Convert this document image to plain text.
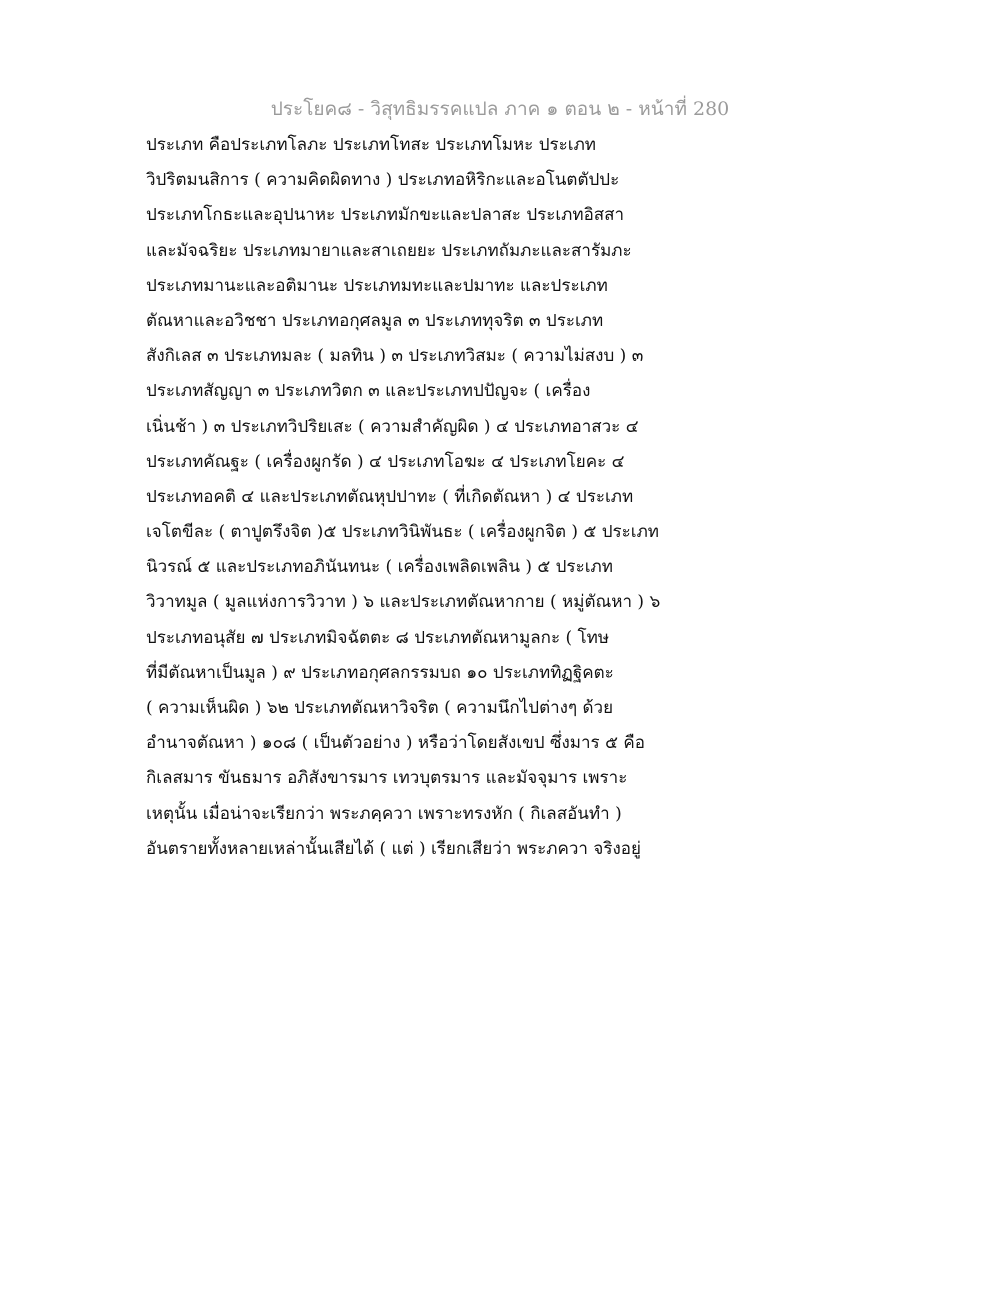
ประโยค๘ - วิสุทธิมรรคแปล ภาค ๑ ตอน ๒ - หน้าที่ 280
ประเภท คือประเภทโลภะ ประเภทโทสะ ประเภทโมหะ ประเภท
วิปริตมนสิการ ( ความคิดผิดทาง ) ประเภทอหิริกะและอโนตตัปปะ
ประเภทโกธะและอุปนาหะ ประเภทมักขะและปลาสะ ประเภทอิสสา
และมัจฉริยะ ประเภทมายาและสาเถยยะ ประเภทถัมภะและสารัมภะ
ประเภทมานะและอติมานะ ประเภทมทะและปมาทะ และประเภท
ตัณหาและอวิชชา ประเภทอกุศลมูล ๓ ประเภททุจริต ๓ ประเภท
สังกิเลส ๓ ประเภทมละ ( มลทิน ) ๓ ประเภทวิสมะ ( ความไม่สงบ ) ๓
ประเภทสัญญา ๓ ประเภทวิตก ๓ และประเภทปปัญจะ ( เครื่อง
เนิ่นช้า ) ๓ ประเภทวิปริยเสะ ( ความสำคัญผิด ) ๔ ประเภทอาสวะ ๔
ประเภทคัณฐะ ( เครื่องผูกรัด ) ๔ ประเภทโอฆะ ๔ ประเภทโยคะ ๔
ประเภทอคติ ๔ และประเภทตัณหุปปาทะ ( ที่เกิดตัณหา ) ๔ ประเภท
เจโตขีละ ( ตาปูตรึงจิต )๕ ประเภทวินิพันธะ ( เครื่องผูกจิต ) ๕ ประเภท
นิวรณ์ ๕ และประเภทอภินันทนะ ( เครื่องเพลิดเพลิน ) ๕ ประเภท
วิวาทมูล ( มูลแห่งการวิวาท ) ๖ และประเภทตัณหากาย ( หมู่ตัณหา ) ๖
ประเภทอนุสัย ๗ ประเภทมิจฉัตตะ ๘ ประเภทตัณหามูลกะ ( โทษ
ที่มีตัณหาเป็นมูล ) ๙ ประเภทอกุศลกรรมบถ ๑๐ ประเภททิฏฐิคตะ
( ความเห็นผิด ) ๖๒ ประเภทตัณหาวิจริต ( ความนึกไปต่างๆ ด้วย
อำนาจตัณหา ) ๑๐๘ ( เป็นตัวอย่าง ) หรือว่าโดยสังเขป ซึ่งมาร ๕ คือ
กิเลสมาร ขันธมาร อภิสังขารมาร เทวบุตรมาร และมัจจุมาร เพราะ
เหตุนั้น เมื่อน่าจะเรียกว่า พระภคฺควา เพราะทรงหัก ( กิเลสอันทำ )
อันตรายทั้งหลายเหล่านั้นเสียได้ ( แต่ ) เรียกเสียว่า พระภควา จริงอยู่
